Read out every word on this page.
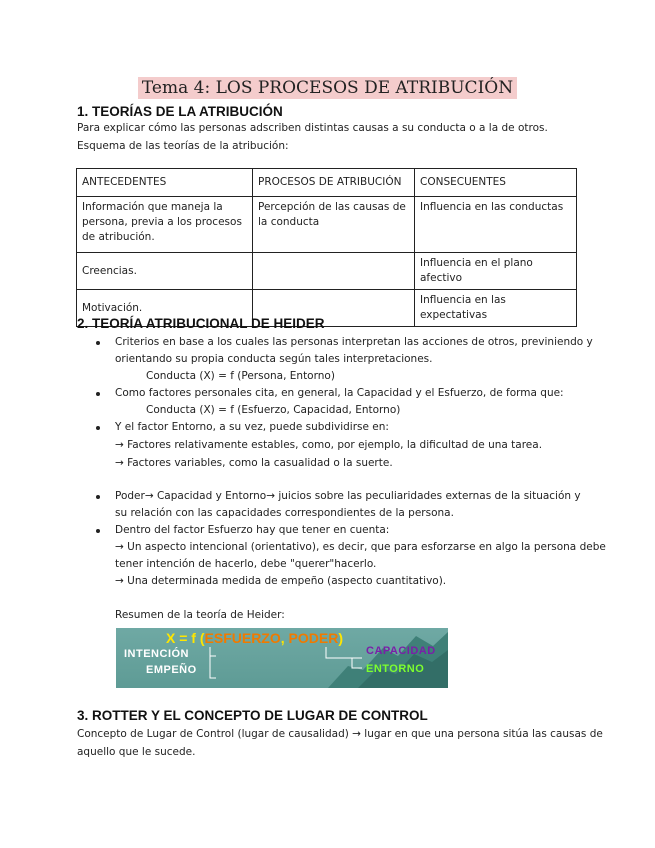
Tema 4: LOS PROCESOS DE ATRIBUCIÓN
1. TEORÍAS DE LA ATRIBUCIÓN
Para explicar cómo las personas adscriben distintas causas a su conducta o a la de otros.
Esquema de las teorías de la atribución:
ANTECEDENTES	PROCESOS DE ATRIBUCIÓN	CONSECUENTES
Información que maneja la persona, previa a los procesos de atribución.	Percepción de las causas de la conducta	Influencia en las conductas
Creencias.		Influencia en el plano afectivo
Motivación.		Influencia en las expectativas
2. TEORÍA ATRIBUCIONAL DE HEIDER
Criterios en base a los cuales las personas interpretan las acciones de otros, previniendo y
orientando su propia conducta según tales interpretaciones.
Conducta (X) = f (Persona, Entorno)
Como factores personales cita, en general, la Capacidad y el Esfuerzo, de forma que:
Conducta (X) = f (Esfuerzo, Capacidad, Entorno)
Y el factor Entorno, a su vez, puede subdividirse en:
→ Factores relativamente estables, como, por ejemplo, la dificultad de una tarea.
→ Factores variables, como la casualidad o la suerte.
Poder→ Capacidad y Entorno→ juicios sobre las peculiaridades externas de la situación y
su relación con las capacidades correspondientes de la persona.
Dentro del factor Esfuerzo hay que tener en cuenta:
→ Un aspecto intencional (orientativo), es decir, que para esforzarse en algo la persona debe
tener intención de hacerlo, debe "querer"hacerlo.
→ Una determinada medida de empeño (aspecto cuantitativo).
Resumen de la teoría de Heider:
X = f (ESFUERZO, PODER)
INTENCIÓN
EMPEÑO
CAPACIDAD
ENTORNO
3. ROTTER Y EL CONCEPTO DE LUGAR DE CONTROL
Concepto de Lugar de Control (lugar de causalidad) → lugar en que una persona sitúa las causas de
aquello que le sucede.
